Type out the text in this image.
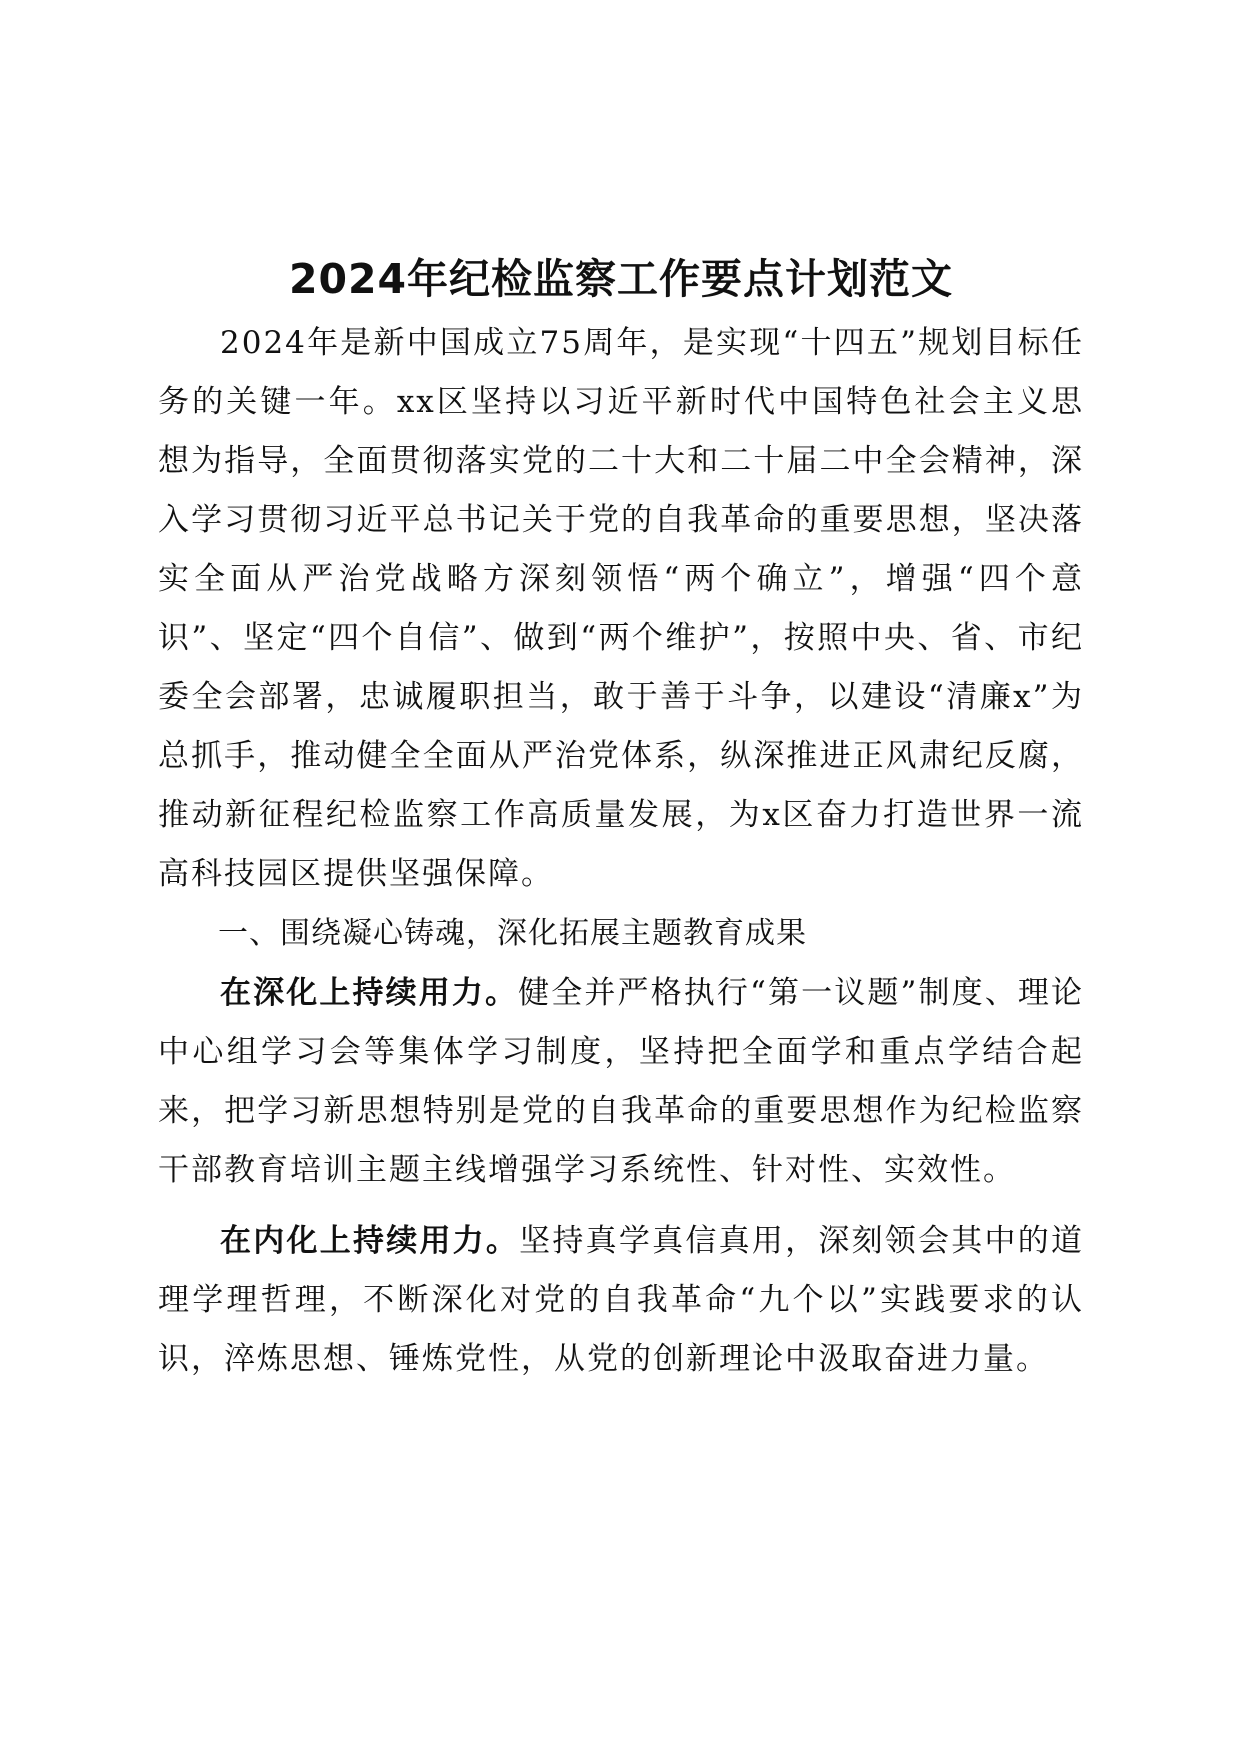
2024年纪检监察工作要点计划范文

2024年是新中国成立75周年，是实现“十四五”规划目标任务的关键一年。xx区坚持以习近平新时代中国特色社会主义思想为指导，全面贯彻落实党的二十大和二十届二中全会精神，深入学习贯彻习近平总书记关于党的自我革命的重要思想，坚决落实全面从严治党战略方深刻领悟“两个确立”，增强“四个意识”、坚定“四个自信”、做到“两个维护”，按照中央、省、市纪委全会部署，忠诚履职担当，敢于善于斗争，以建设“清廉x”为总抓手，推动健全全面从严治党体系，纵深推进正风肃纪反腐，推动新征程纪检监察工作高质量发展，为x区奋力打造世界一流高科技园区提供坚强保障。

一、围绕凝心铸魂，深化拓展主题教育成果

在深化上持续用力。健全并严格执行“第一议题”制度、理论中心组学习会等集体学习制度，坚持把全面学和重点学结合起来，把学习新思想特别是党的自我革命的重要思想作为纪检监察干部教育培训主题主线增强学习系统性、针对性、实效性。

在内化上持续用力。坚持真学真信真用，深刻领会其中的道理学理哲理，不断深化对党的自我革命“九个以”实践要求的认识，淬炼思想、锤炼党性，从党的创新理论中汲取奋进力量。
